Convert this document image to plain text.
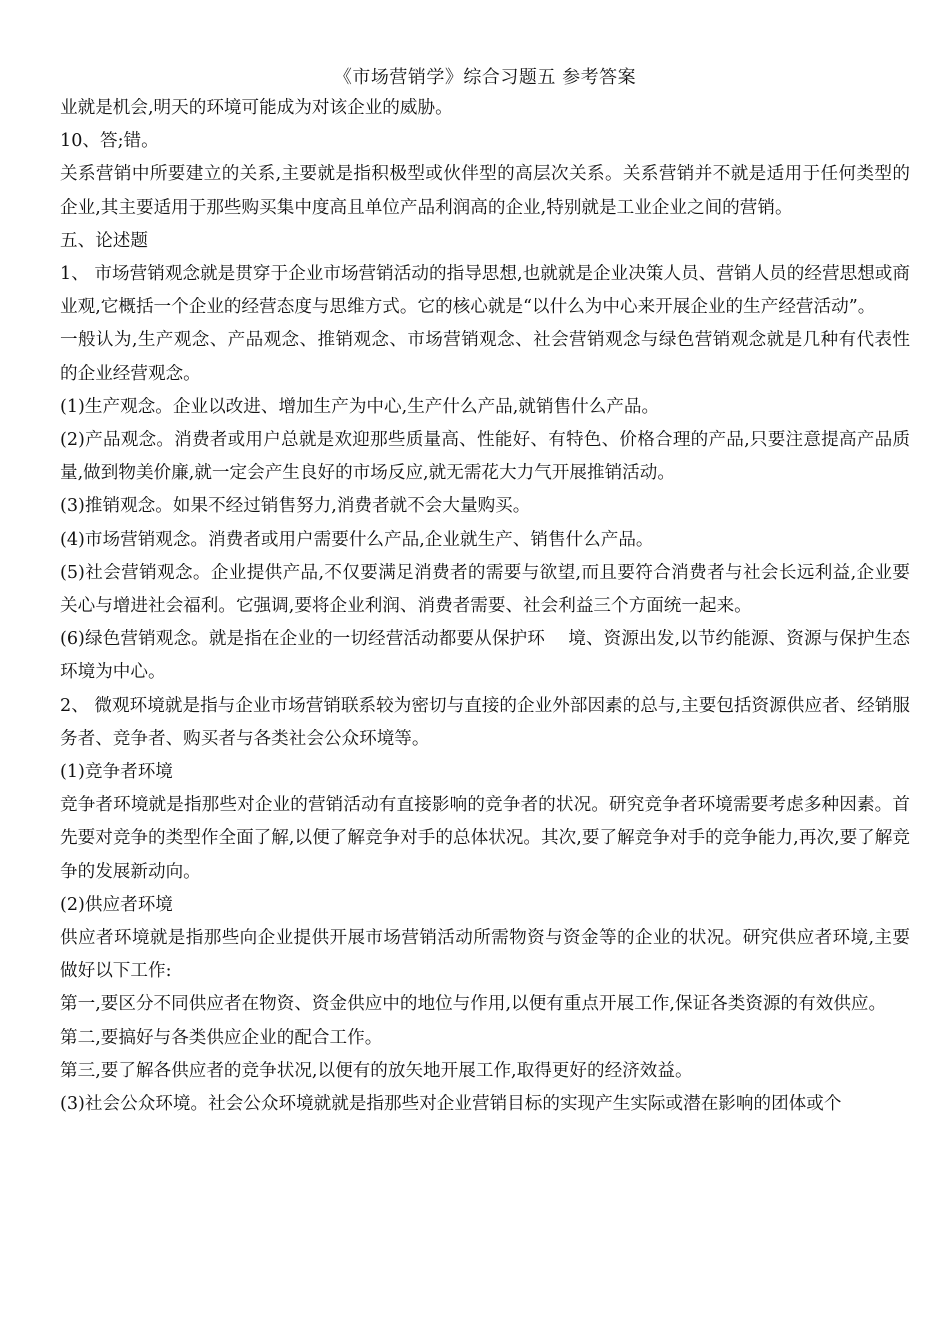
《市场营销学》综合习题五 参考答案

业就是机会,明天的环境可能成为对该企业的威胁。

10、答;错。

关系营销中所要建立的关系,主要就是指积极型或伙伴型的高层次关系。关系营销并不就是适用于任何类型的企业,其主要适用于那些购买集中度高且单位产品利润高的企业,特别就是工业企业之间的营销。

五、论述题

1、 市场营销观念就是贯穿于企业市场营销活动的指导思想,也就就是企业决策人员、营销人员的经营思想或商业观,它概括一个企业的经营态度与思维方式。它的核心就是“以什么为中心来开展企业的生产经营活动”。

一般认为,生产观念、产品观念、推销观念、市场营销观念、社会营销观念与绿色营销观念就是几种有代表性的企业经营观念。

(1)生产观念。企业以改进、增加生产为中心,生产什么产品,就销售什么产品。

(2)产品观念。消费者或用户总就是欢迎那些质量高、性能好、有特色、价格合理的产品,只要注意提高产品质量,做到物美价廉,就一定会产生良好的市场反应,就无需花大力气开展推销活动。

(3)推销观念。如果不经过销售努力,消费者就不会大量购买。

(4)市场营销观念。消费者或用户需要什么产品,企业就生产、销售什么产品。

(5)社会营销观念。企业提供产品,不仅要满足消费者的需要与欲望,而且要符合消费者与社会长远利益,企业要关心与增进社会福利。它强调,要将企业利润、消费者需要、社会利益三个方面统一起来。

(6)绿色营销观念。就是指在企业的一切经营活动都要从保护环　 境、资源出发,以节约能源、资源与保护生态环境为中心。

2、 微观环境就是指与企业市场营销联系较为密切与直接的企业外部因素的总与,主要包括资源供应者、经销服务者、竞争者、购买者与各类社会公众环境等。

(1)竞争者环境

竞争者环境就是指那些对企业的营销活动有直接影响的竞争者的状况。研究竞争者环境需要考虑多种因素。首先要对竞争的类型作全面了解,以便了解竞争对手的总体状况。其次,要了解竞争对手的竞争能力,再次,要了解竞争的发展新动向。

(2)供应者环境

供应者环境就是指那些向企业提供开展市场营销活动所需物资与资金等的企业的状况。研究供应者环境,主要做好以下工作:

第一,要区分不同供应者在物资、资金供应中的地位与作用,以便有重点开展工作,保证各类资源的有效供应。

第二,要搞好与各类供应企业的配合工作。

第三,要了解各供应者的竞争状况,以便有的放矢地开展工作,取得更好的经济效益。

(3)社会公众环境。社会公众环境就就是指那些对企业营销目标的实现产生实际或潜在影响的团体或个
